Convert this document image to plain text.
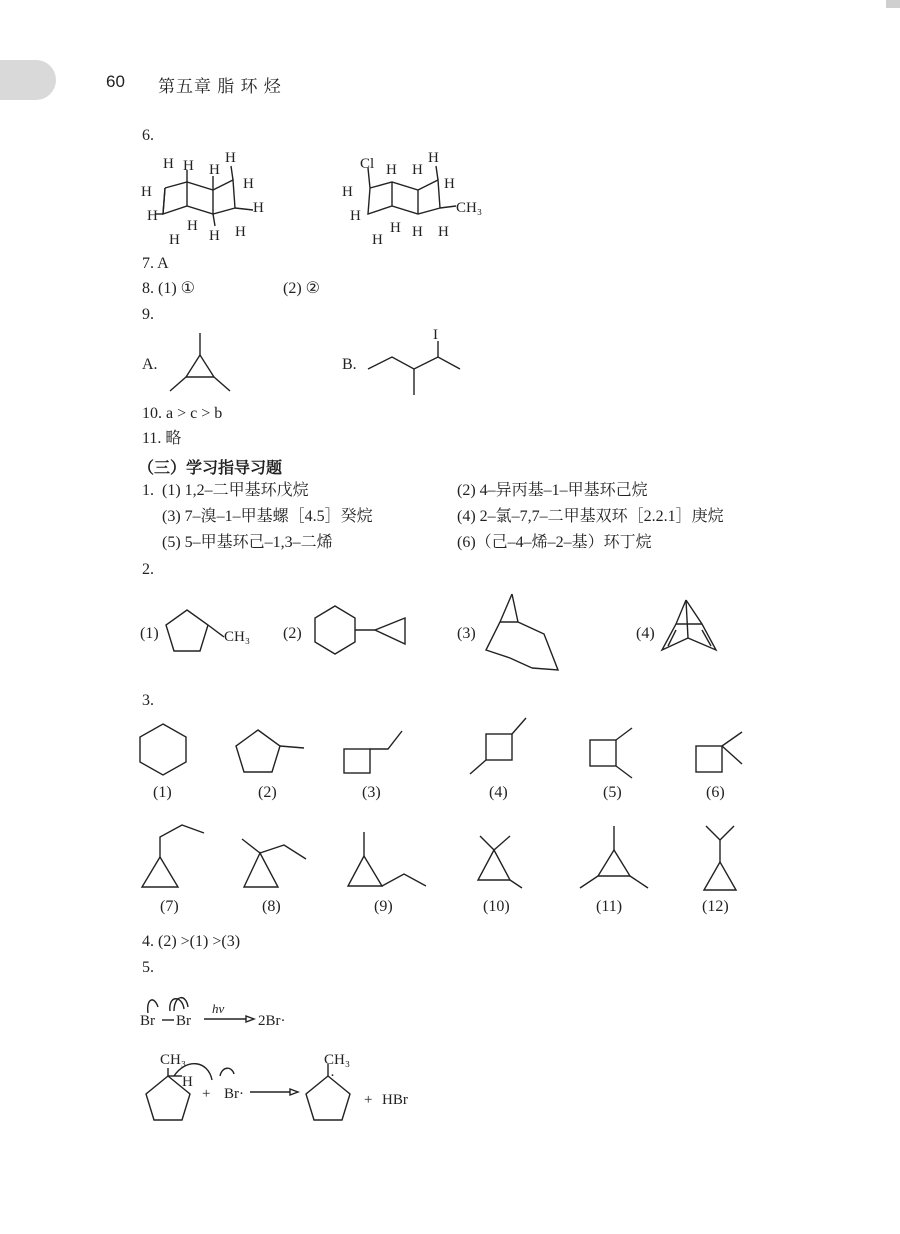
60 第五章 脂 环 烃
6.
H
H
H
H
H H
H
H
H
H
H
H
Cl
H
H
H
H H
H
H
CH₃
H
H
H
7. A
8. (1) ①	(2) ②
9.
A.	B.
I
10. a > c > b
11. 略
（三）学习指导习题
1. (1) 1,2–二甲基环戊烷	(2) 4–异丙基–1–甲基环己烷
(3) 7–溴–1–甲基螺［4.5］癸烷	(4) 2–氯–7,7–二甲基双环［2.2.1］庚烷
(5) 5–甲基环己–1,3–二烯	(6)（己–4–烯–2–基）环丁烷
2.
(1)	CH₃ (2)	(3)	(4)
3.
(1)	(2)	(3)	(4)	(5)	(6)
(7)	(8)	(9)	(10)	(11)	(12)
4. (2) >(1) >(3)
5.
Br Br
hv
2Br·
CH₃
H
+ Br·
CH₃
·
+ HBr
